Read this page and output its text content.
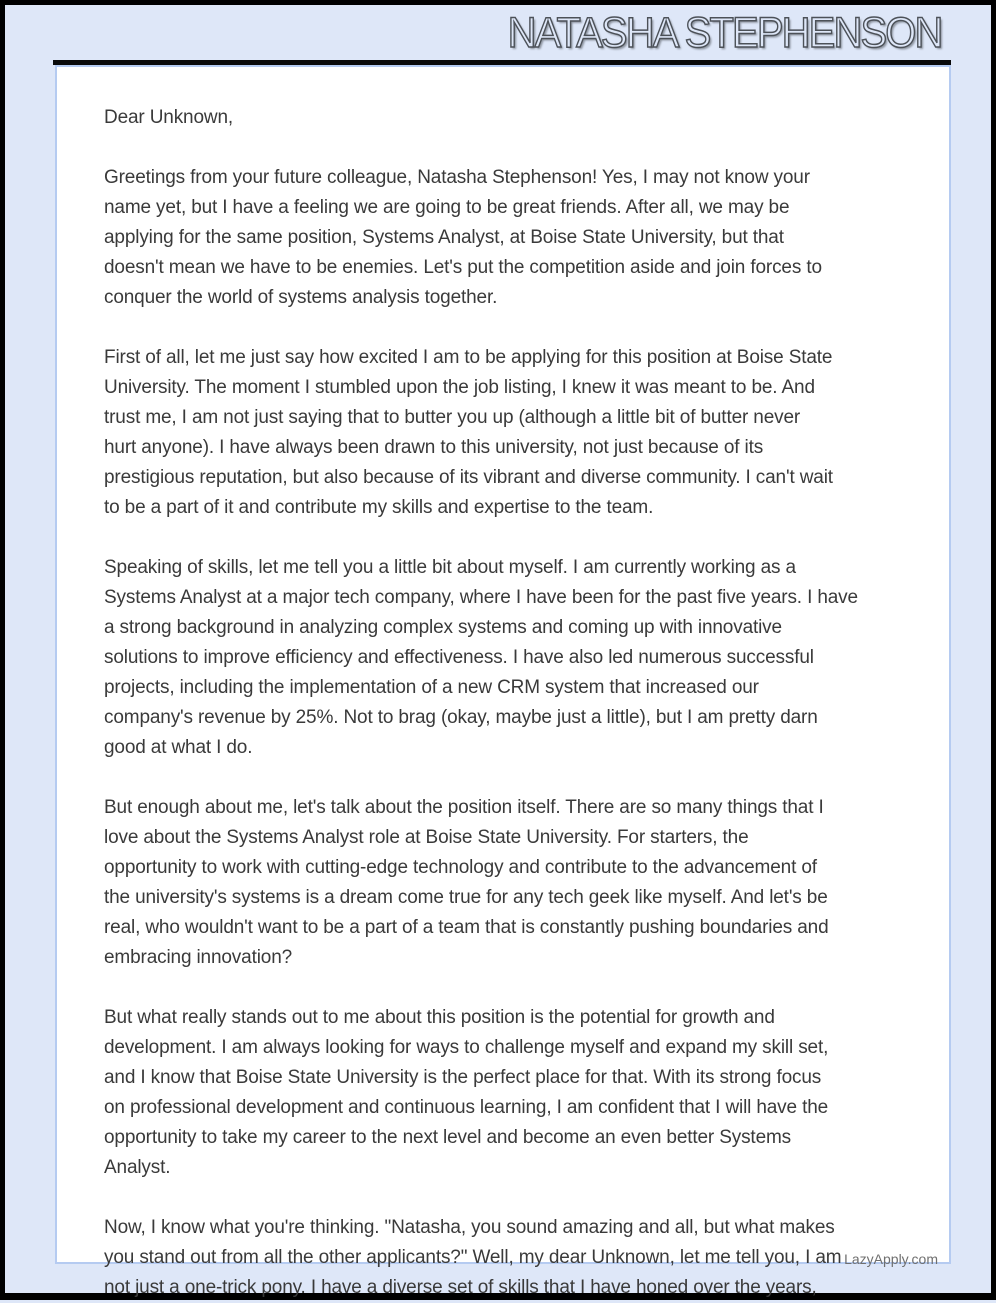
NATASHA STEPHENSON
LazyApply.com
Dear Unknown,
Greetings from your future colleague, Natasha Stephenson! Yes, I may not know your
name yet, but I have a feeling we are going to be great friends. After all, we may be
applying for the same position, Systems Analyst, at Boise State University, but that
doesn't mean we have to be enemies. Let's put the competition aside and join forces to
conquer the world of systems analysis together.
First of all, let me just say how excited I am to be applying for this position at Boise State
University. The moment I stumbled upon the job listing, I knew it was meant to be. And
trust me, I am not just saying that to butter you up (although a little bit of butter never
hurt anyone). I have always been drawn to this university, not just because of its
prestigious reputation, but also because of its vibrant and diverse community. I can't wait
to be a part of it and contribute my skills and expertise to the team.
Speaking of skills, let me tell you a little bit about myself. I am currently working as a
Systems Analyst at a major tech company, where I have been for the past five years. I have
a strong background in analyzing complex systems and coming up with innovative
solutions to improve efficiency and effectiveness. I have also led numerous successful
projects, including the implementation of a new CRM system that increased our
company's revenue by 25%. Not to brag (okay, maybe just a little), but I am pretty darn
good at what I do.
But enough about me, let's talk about the position itself. There are so many things that I
love about the Systems Analyst role at Boise State University. For starters, the
opportunity to work with cutting-edge technology and contribute to the advancement of
the university's systems is a dream come true for any tech geek like myself. And let's be
real, who wouldn't want to be a part of a team that is constantly pushing boundaries and
embracing innovation?
But what really stands out to me about this position is the potential for growth and
development. I am always looking for ways to challenge myself and expand my skill set,
and I know that Boise State University is the perfect place for that. With its strong focus
on professional development and continuous learning, I am confident that I will have the
opportunity to take my career to the next level and become an even better Systems
Analyst.
Now, I know what you're thinking. "Natasha, you sound amazing and all, but what makes
you stand out from all the other applicants?" Well, my dear Unknown, let me tell you, I am
not just a one-trick pony. I have a diverse set of skills that I have honed over the years,
